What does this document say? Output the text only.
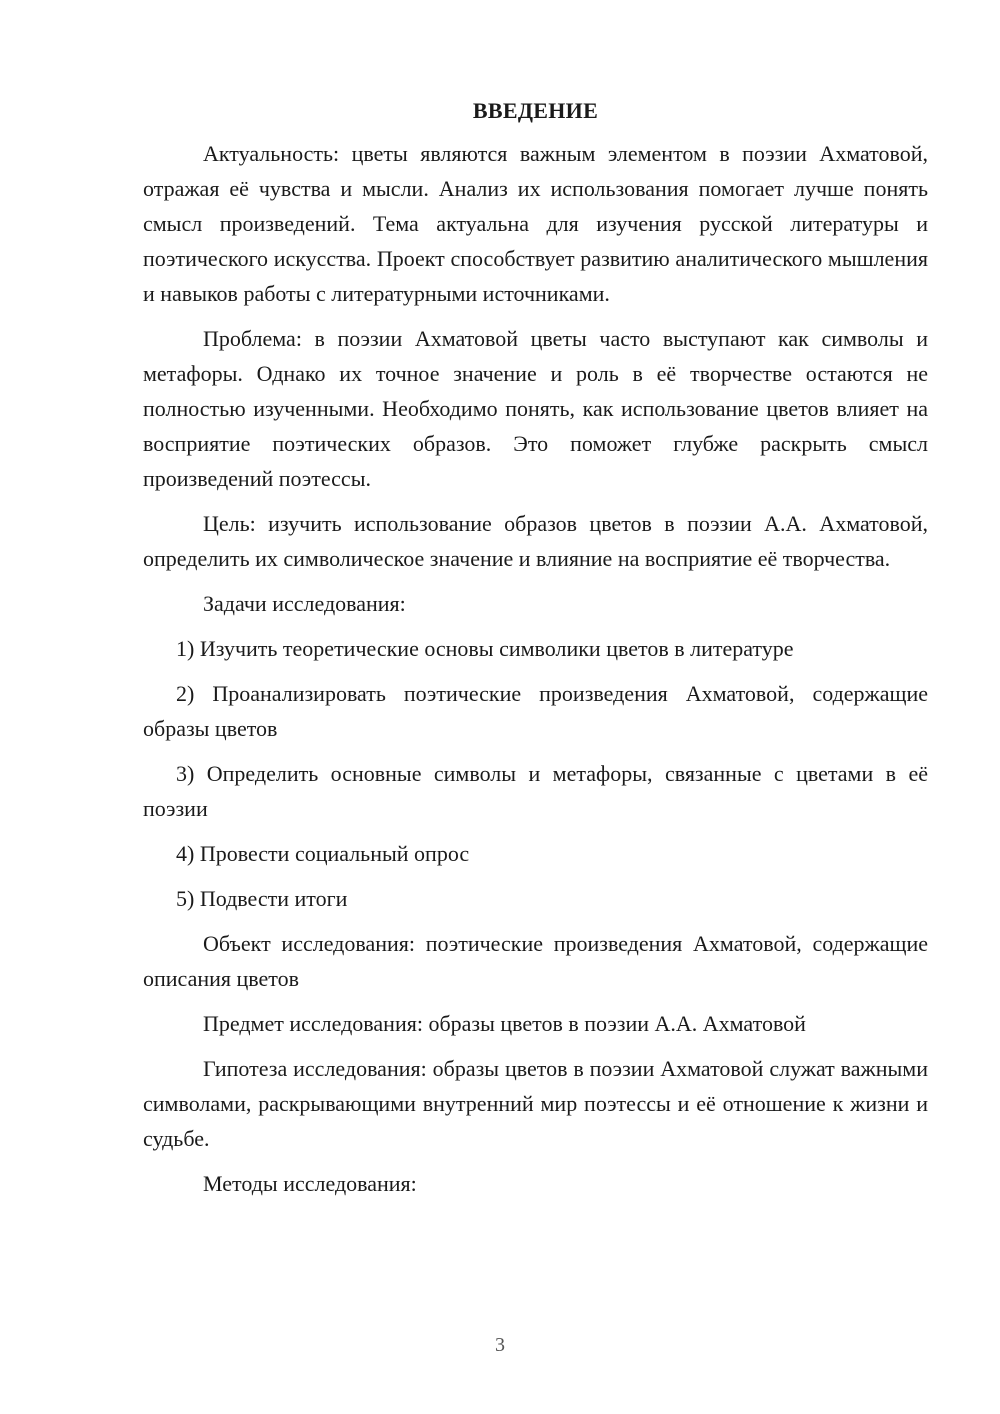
ВВЕДЕНИЕ

Актуальность: цветы являются важным элементом в поэзии Ахматовой, отражая её чувства и мысли. Анализ их использования помогает лучше понять смысл произведений. Тема актуальна для изучения русской литературы и поэтического искусства. Проект способствует развитию аналитического мышления и навыков работы с литературными источниками.

Проблема: в поэзии Ахматовой цветы часто выступают как символы и метафоры. Однако их точное значение и роль в её творчестве остаются не полностью изученными. Необходимо понять, как использование цветов влияет на восприятие поэтических образов. Это поможет глубже раскрыть смысл произведений поэтессы.

Цель: изучить использование образов цветов в поэзии А.А. Ахматовой, определить их символическое значение и влияние на восприятие её творчества.

Задачи исследования:

1) Изучить теоретические основы символики цветов в литературе

2) Проанализировать поэтические произведения Ахматовой, содержащие образы цветов

3) Определить основные символы и метафоры, связанные с цветами в её поэзии

4) Провести социальный опрос

5) Подвести итоги

Объект исследования: поэтические произведения Ахматовой, содержащие описания цветов

Предмет исследования: образы цветов в поэзии А.А. Ахматовой

Гипотеза исследования: образы цветов в поэзии Ахматовой служат важными символами, раскрывающими внутренний мир поэтессы и её отношение к жизни и судьбе.

Методы исследования:

3
